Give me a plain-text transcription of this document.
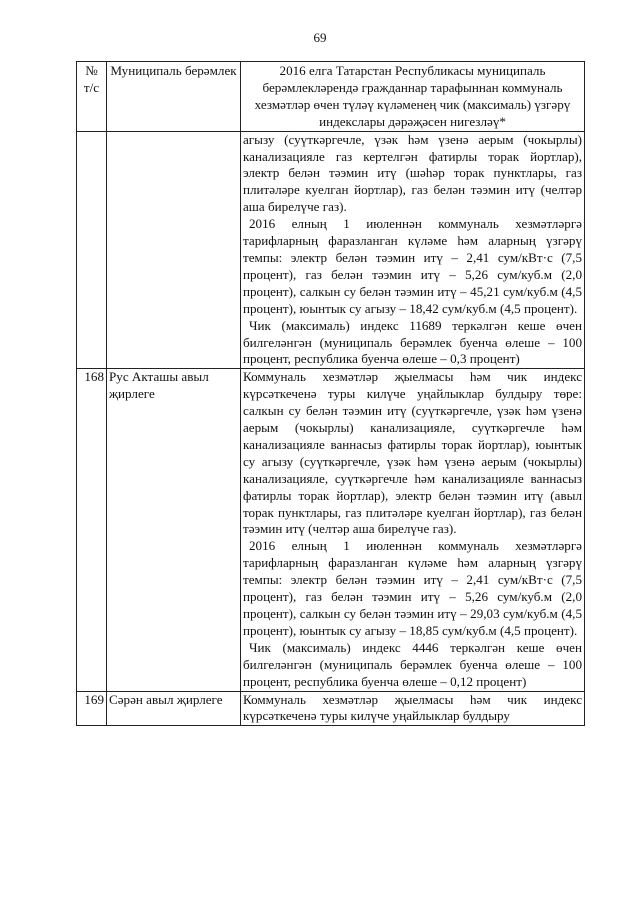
69
№ т/с	Муниципаль берәмлек	2016 елга Татарстан Республикасы муниципаль берәмлекләрендә гражданнар тарафыннан коммуналь хезмәтләр өчен түләү күләменең чик (максималь) үзгәрү индекслары дәрәҗәсен нигезләү*

		агызу (суүткәргечле, үзәк һәм үзенә аерым (чокырлы) канализацияле газ кертелгән фатирлы торак йортлар), электр белән тәэмин итү (шәһәр торак пунктлары, газ плитәләре куелган йортлар), газ белән тәэмин итү (челтәр аша бирелүче газ).
2016 елның 1 июленнән коммуналь хезмәтләргә тарифларның фаразланган күләме һәм аларның үзгәрү темпы: электр белән тәэмин итү – 2,41 сум/кВт·с (7,5 процент), газ белән тәэмин итү – 5,26 сум/куб.м (2,0 процент), салкын су белән тәэмин итү – 45,21 сум/куб.м (4,5 процент), юынтык су агызу – 18,42 сум/куб.м (4,5 процент).
Чик (максималь) индекс 11689 теркәлгән кеше өчен билгеләнгән (муниципаль берәмлек буенча өлеше – 100 процент, республика буенча өлеше – 0,3 процент)

168	Рус Акташы авыл җирлеге	Коммуналь хезмәтләр җыелмасы һәм чик индекс күрсәткеченә туры килүче уңайлыклар булдыру төре: салкын су белән тәэмин итү (суүткәргечле, үзәк һәм үзенә аерым (чокырлы) канализацияле, суүткәргечле һәм канализацияле ваннасыз фатирлы торак йортлар), юынтык су агызу (суүткәргечле, үзәк һәм үзенә аерым (чокырлы) канализацияле, суүткәргечле һәм канализацияле ваннасыз фатирлы торак йортлар), электр белән тәэмин итү (авыл торак пунктлары, газ плитәләре куелган йортлар), газ белән тәэмин итү (челтәр аша бирелүче газ).
2016 елның 1 июленнән коммуналь хезмәтләргә тарифларның фаразланган күләме һәм аларның үзгәрү темпы: электр белән тәэмин итү – 2,41 сум/кВт·с (7,5 процент), газ белән тәэмин итү – 5,26 сум/куб.м (2,0 процент), салкын су белән тәэмин итү – 29,03 сум/куб.м (4,5 процент), юынтык су агызу – 18,85 сум/куб.м (4,5 процент).
Чик (максималь) индекс 4446 теркәлгән кеше өчен билгеләнгән (муниципаль берәмлек буенча өлеше – 100 процент, республика буенча өлеше – 0,12 процент)

169	Сәрән авыл җирлеге	Коммуналь хезмәтләр җыелмасы һәм чик индекс күрсәткеченә туры килүче уңайлыклар булдыру
